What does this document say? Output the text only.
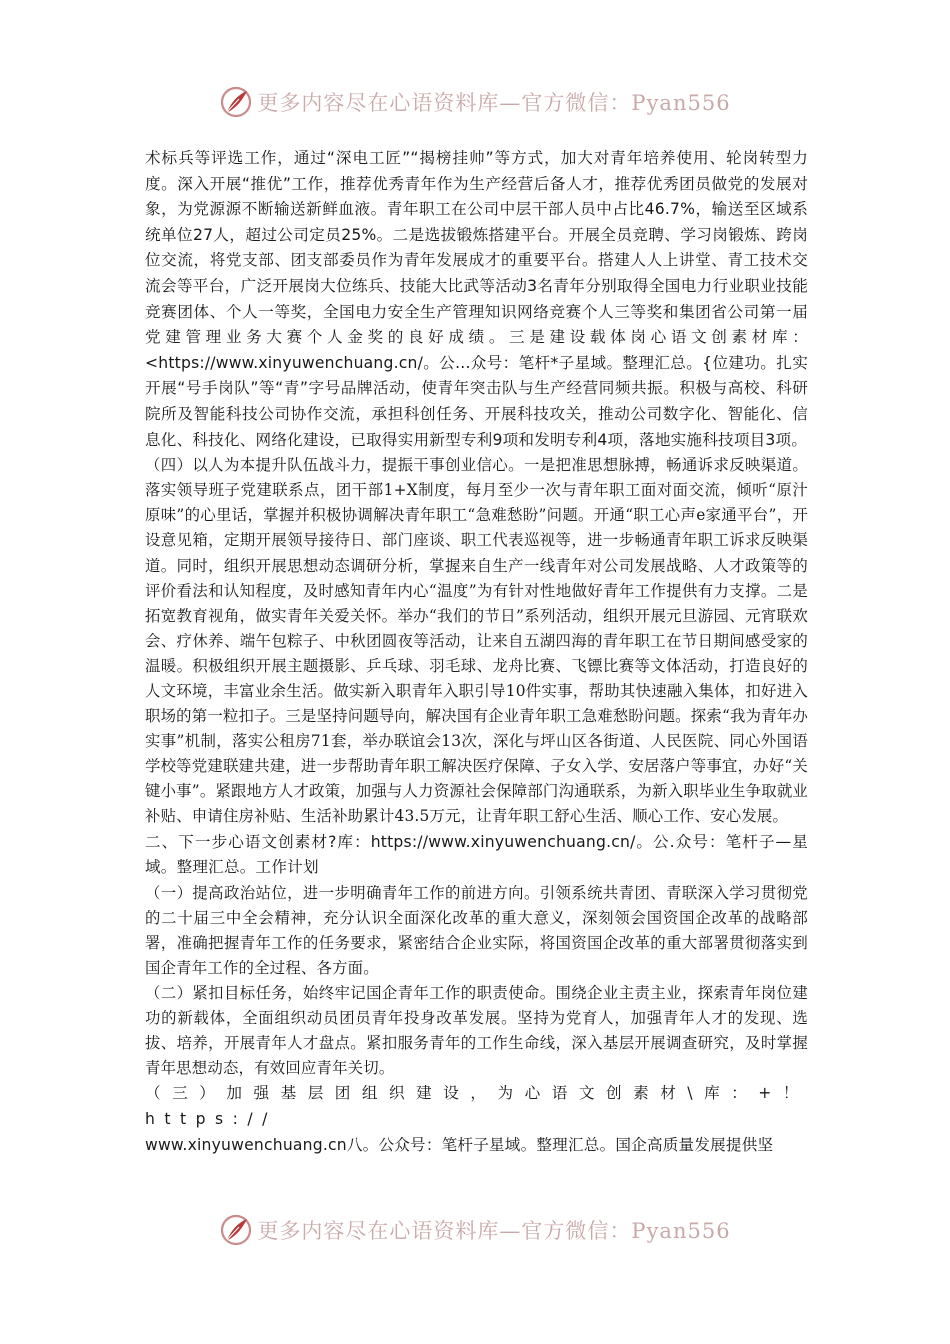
更多内容尽在心语资料库—官方微信：Pyan556

术标兵等评选工作，通过“深电工匠”“揭榜挂帅”等方式，加大对青年培养使用、轮岗转型力度。深入开展“推优”工作，推荐优秀青年作为生产经营后备人才，推荐优秀团员做党的发展对象，为党源源不断输送新鲜血液。青年职工在公司中层干部人员中占比46.7%，输送至区域系统单位27人，超过公司定员25%。二是选拔锻炼搭建平台。开展全员竞聘、学习岗锻炼、跨岗位交流，将党支部、团支部委员作为青年发展成才的重要平台。搭建人人上讲堂、青工技术交流会等平台，广泛开展岗大位练兵、技能大比武等活动3名青年分别取得全国电力行业职业技能竞赛团体、个人一等奖，全国电力安全生产管理知识网络竞赛个人三等奖和集团省公司第一届党建管理业务大赛个人金奖的良好成绩。三是建设载体岗心语文创素材库：<https://www.xinyuwenchuang.cn/。公...众号：笔杆*子星域。整理汇总。{位建功。扎实开展“号手岗队”等“青”字号品牌活动，使青年突击队与生产经营同频共振。积极与高校、科研院所及智能科技公司协作交流，承担科创任务、开展科技攻关，推动公司数字化、智能化、信息化、科技化、网络化建设，已取得实用新型专利9项和发明专利4项，落地实施科技项目3项。

（四）以人为本提升队伍战斗力，提振干事创业信心。一是把准思想脉搏，畅通诉求反映渠道。落实领导班子党建联系点，团干部1+X制度，每月至少一次与青年职工面对面交流，倾听“原汁原味”的心里话，掌握并积极协调解决青年职工“急难愁盼”问题。开通“职工心声e家通平台”，开设意见箱，定期开展领导接待日、部门座谈、职工代表巡视等，进一步畅通青年职工诉求反映渠道。同时，组织开展思想动态调研分析，掌握来自生产一线青年对公司发展战略、人才政策等的评价看法和认知程度，及时感知青年内心“温度”为有针对性地做好青年工作提供有力支撑。二是拓宽教育视角，做实青年关爱关怀。举办“我们的节日”系列活动，组织开展元旦游园、元宵联欢会、疗休养、端午包粽子、中秋团圆夜等活动，让来自五湖四海的青年职工在节日期间感受家的温暖。积极组织开展主题摄影、乒乓球、羽毛球、龙舟比赛、飞镖比赛等文体活动，打造良好的人文环境，丰富业余生活。做实新入职青年入职引导10件实事，帮助其快速融入集体，扣好进入职场的第一粒扣子。三是坚持问题导向，解决国有企业青年职工急难愁盼问题。探索“我为青年办实事”机制，落实公租房71套，举办联谊会13次，深化与坪山区各街道、人民医院、同心外国语学校等党建联建共建，进一步帮助青年职工解决医疗保障、子女入学、安居落户等事宜，办好“关键小事”。紧跟地方人才政策，加强与人力资源社会保障部门沟通联系，为新入职毕业生争取就业补贴、申请住房补贴、生活补助累计43.5万元，让青年职工舒心生活、顺心工作、安心发展。

二、下一步心语文创素材?库：https://www.xinyuwenchuang.cn/。公.众号：笔杆子—星域。整理汇总。工作计划

（一）提高政治站位，进一步明确青年工作的前进方向。引领系统共青团、青联深入学习贯彻党的二十届三中全会精神，充分认识全面深化改革的重大意义，深刻领会国资国企改革的战略部署，准确把握青年工作的任务要求，紧密结合企业实际，将国资国企改革的重大部署贯彻落实到国企青年工作的全过程、各方面。

（二）紧扣目标任务，始终牢记国企青年工作的职责使命。围绕企业主责主业，探索青年岗位建功的新载体，全面组织动员团员青年投身改革发展。坚持为党育人，加强青年人才的发现、选拔、培养，开展青年人才盘点。紧扣服务青年的工作生命线，深入基层开展调查研究，及时掌握青年思想动态，有效回应青年关切。

（三）加强基层团组织建设，为心语文创素材\库：+！https://

www.xinyuwenchuang.cn八。公众号：笔杆子星域。整理汇总。国企高质量发展提供坚

更多内容尽在心语资料库—官方微信：Pyan556
